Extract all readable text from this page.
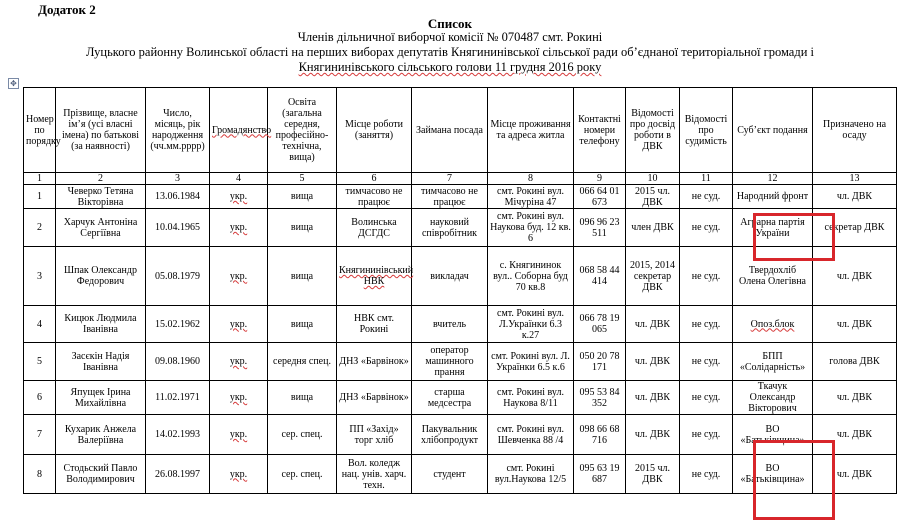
Додаток 2
Список
Членів дільничної виборчої комісії № 070487 смт. Рокині
Луцького районну Волинської області на перших виборах депутатів Княгининівської сільської ради об’єднаної територіальної громади і
Княгининівського сільського голови 11 грудня 2016 року
✥
Номер по порядку	Прізвище, власне ім’я (усі власні імена) по батькові (за наявності)	Число, місяць, рік народження (чч.мм.рррр)	Громадянство	Освіта (загальна середня, професійно-технічна, вища)	Місце роботи (заняття)	Займана посада	Місце проживання та адреса житла	Контактні номери телефону	Відомості про досвід роботи в ДВК	Відомості про судимість	Суб’єкт подання	Призначено на осаду
1	2	3	4	5	6	7	8	9	10	11	12	13
1	Чеверко Тетяна Вікторівна	13.06.1984	укр.	вища	тимчасово не працює	тимчасово не працює	смт. Рокині вул. Мічуріна 47	066 64 01 673	2015 чл. ДВК	не суд.	Народний фронт	чл. ДВК
2	Харчук Антоніна Сергіївна	10.04.1965	укр.	вища	Волинська ДСГДС	науковий співробітник	смт. Рокині вул. Наукова буд. 12 кв. 6	096 96 23 511	член ДВК	не суд.	Аграрна партія України	секретар ДВК
3	Шпак Олександр Федорович	05.08.1979	укр.	вища	Княгининівський НВК	викладач	с. Княгининок вул.. Соборна буд 70 кв.8	068 58 44 414	2015, 2014 секретар ДВК	не суд.	Твердохліб Олена Олегівна	чл. ДВК
4	Кицюк Людмила Іванівна	15.02.1962	укр.	вища	НВК смт. Рокині	вчитель	смт. Рокині вул. Л.Українки 6.3 к.27	066 78 19 065	чл. ДВК	не суд.	Опоз.блок	чл. ДВК
5	Засєкін Надія Іванівна	09.08.1960	укр.	середня спец.	ДНЗ «Барвінок»	оператор машинного прання	смт. Рокині вул. Л. Українки 6.5 к.6	050 20 78 171	чл. ДВК	не суд.	БПП «Солідарність»	голова ДВК
6	Япущек Ірина Михайлівна	11.02.1971	укр.	вища	ДНЗ «Барвінок»	старша медсестра	смт. Рокині вул. Наукова 8/11	095 53 84 352	чл. ДВК	не суд.	Ткачук Олександр Вікторович	чл. ДВК
7	Кухарик Анжела Валеріївна	14.02.1993	укр.	сер. спец.	ПП «Захід» торг хліб	Пакувальник хлібопродукт	смт. Рокині вул. Шевченка 88 /4	098 66 68 716	чл. ДВК	не суд.	ВО «Батьківщина»	чл. ДВК
8	Стодьский Павло Володимирович	26.08.1997	укр.	сер. спец.	Вол. коледж нац. унів. харч. техн.	студент	смт. Рокині вул.Наукова 12/5	095 63 19 687	2015 чл. ДВК	не суд.	ВО «Батьківщина»	чл. ДВК
